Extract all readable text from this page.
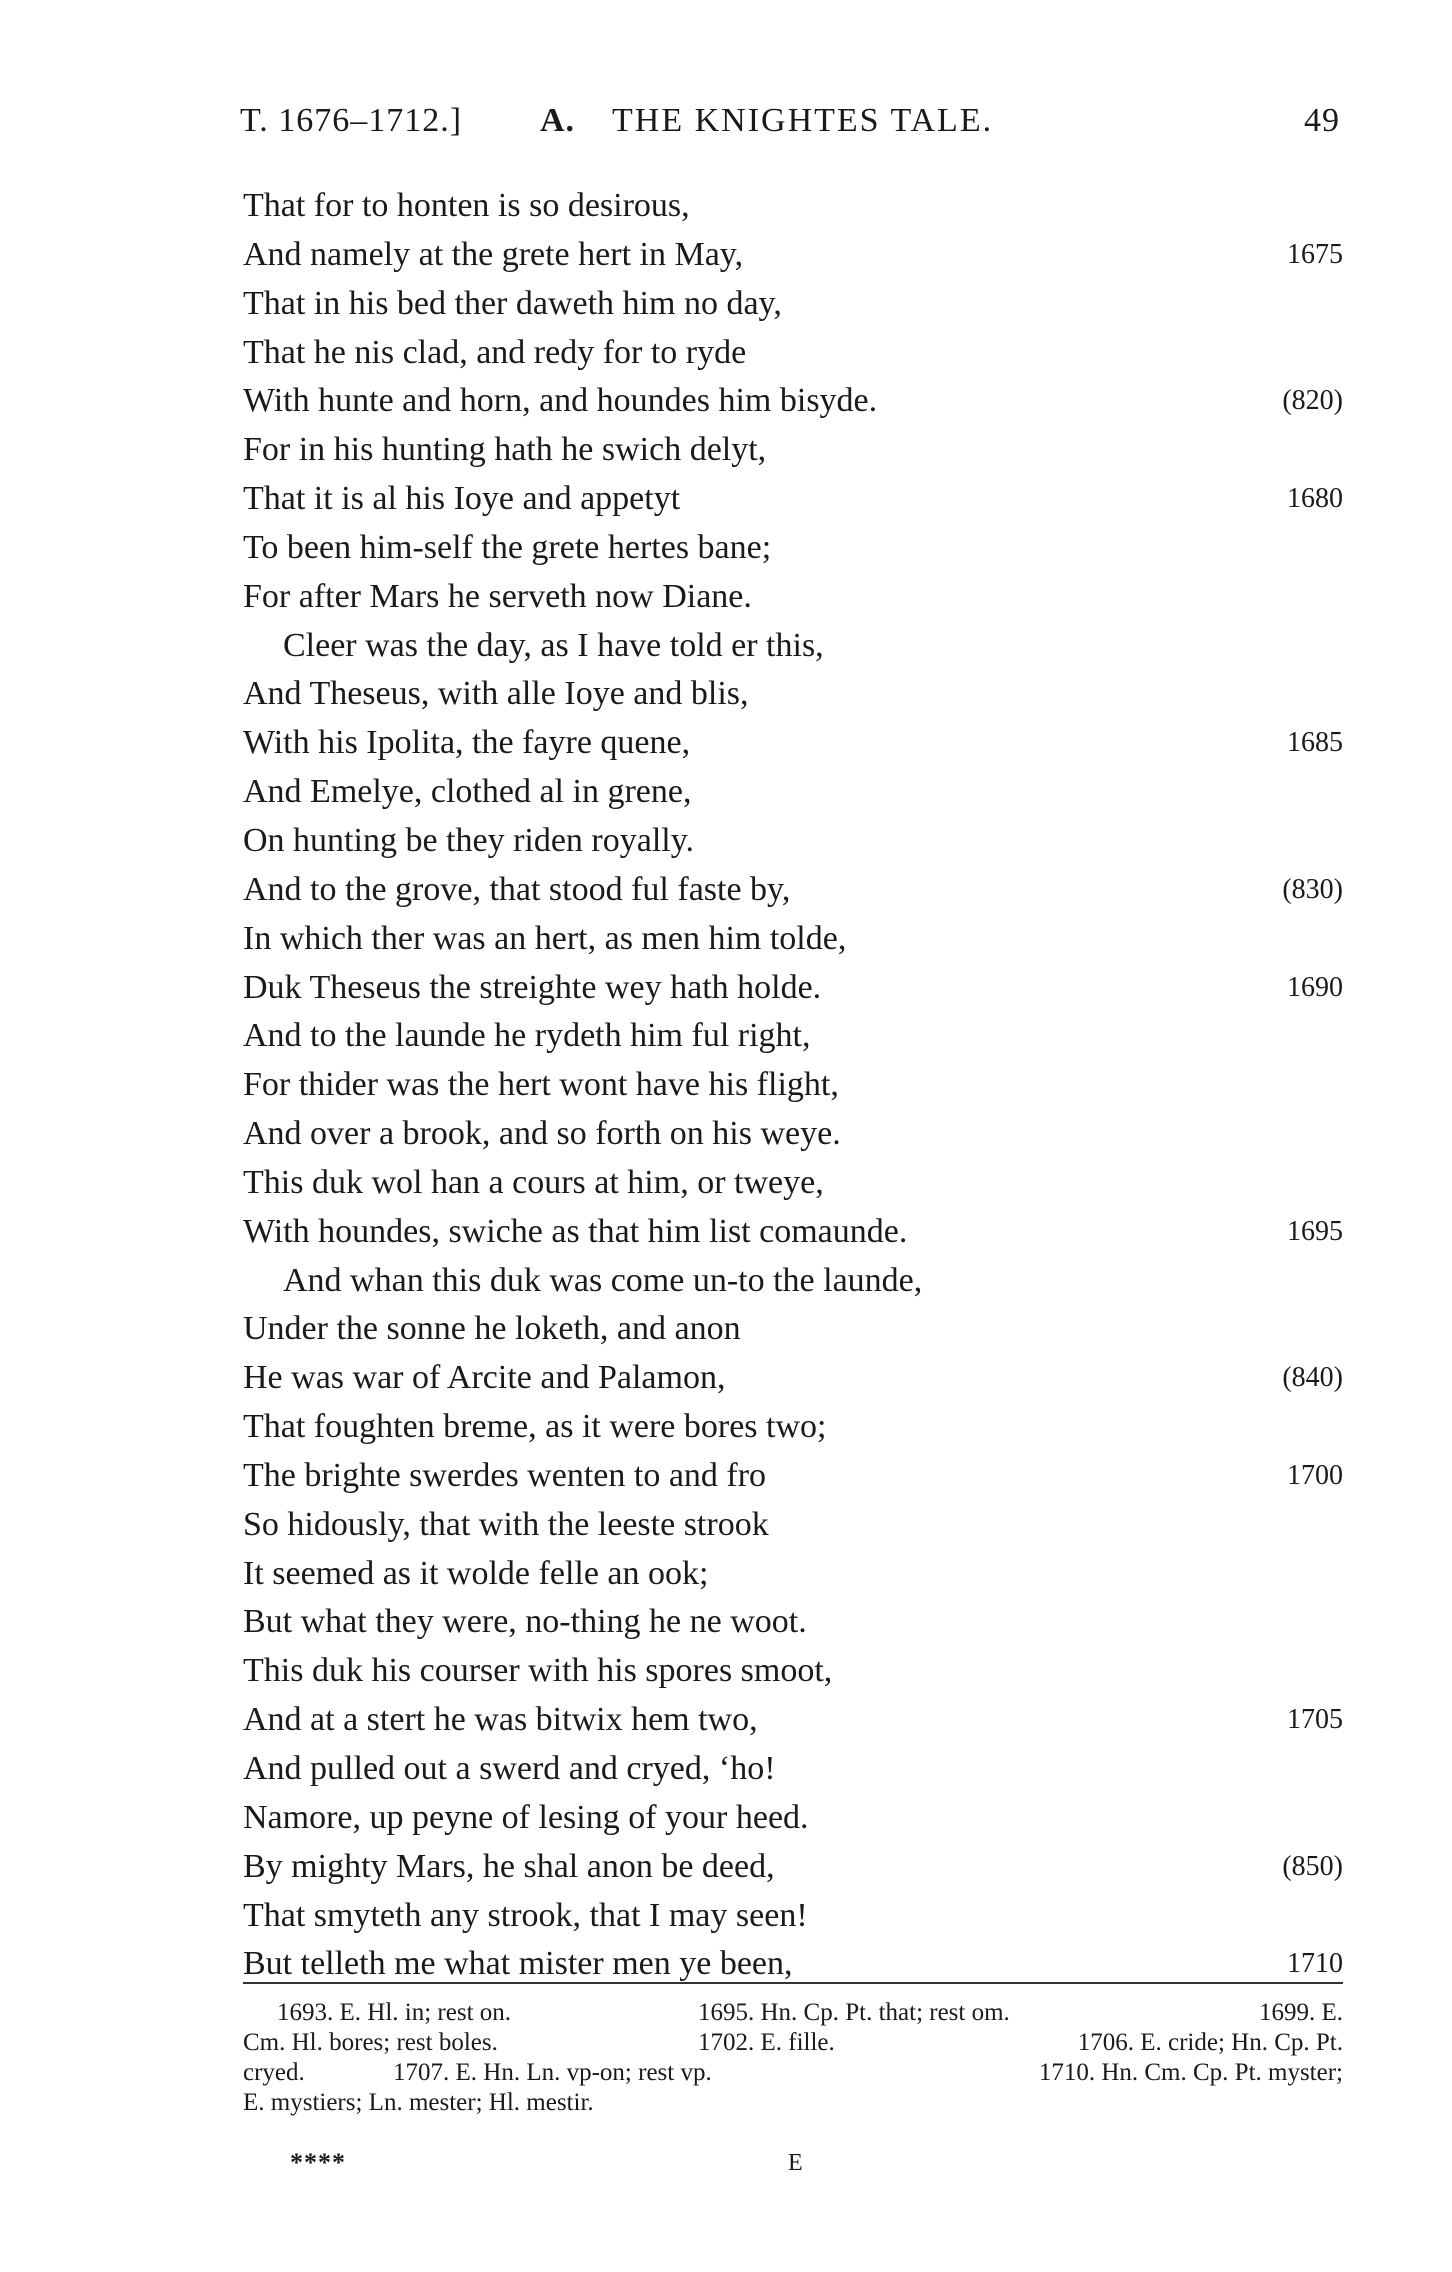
T. 1676–1712.] A. THE KNIGHTES TALE.	49
That for to honten is so desirous,
And namely at the grete hert in May,	1675
That in his bed ther daweth him no day,
That he nis clad, and redy for to ryde
With hunte and horn, and houndes him bisyde.	(820)
For in his hunting hath he swich delyt,
That it is al his Ioye and appetyt	1680
To been him-self the grete hertes bane;
For after Mars he serveth now Diane.
Cleer was the day, as I have told er this,
And Theseus, with alle Ioye and blis,
With his Ipolita, the fayre quene,	1685
And Emelye, clothed al in grene,
On hunting be they riden royally.
And to the grove, that stood ful faste by,	(830)
In which ther was an hert, as men him tolde,
Duk Theseus the streighte wey hath holde.	1690
And to the launde he rydeth him ful right,
For thider was the hert wont have his flight,
And over a brook, and so forth on his weye.
This duk wol han a cours at him, or tweye,
With houndes, swiche as that him list comaunde.	1695
And whan this duk was come un-to the launde,
Under the sonne he loketh, and anon
He was war of Arcite and Palamon,	(840)
That foughten breme, as it were bores two;
The brighte swerdes wenten to and fro	1700
So hidously, that with the leeste strook
It seemed as it wolde felle an ook;
But what they were, no-thing he ne woot.
This duk his courser with his spores smoot,
And at a stert he was bitwix hem two,	1705
And pulled out a swerd and cryed, ‘ho!
Namore, up peyne of lesing of your heed.
By mighty Mars, he shal anon be deed,	(850)
That smyteth any strook, that I may seen!
But telleth me what mister men ye been,	1710
1693. E. Hl. in; rest on.	1695. Hn. Cp. Pt. that; rest om.	1699. E.
Cm. Hl. bores; rest boles.	1702. E. fille.	1706. E. cride; Hn. Cp. Pt.
cryed.	1707. E. Hn. Ln. vp-on; rest vp.	1710. Hn. Cm. Cp. Pt. myster;
E. mystiers; Ln. mester; Hl. mestir.
****	E
